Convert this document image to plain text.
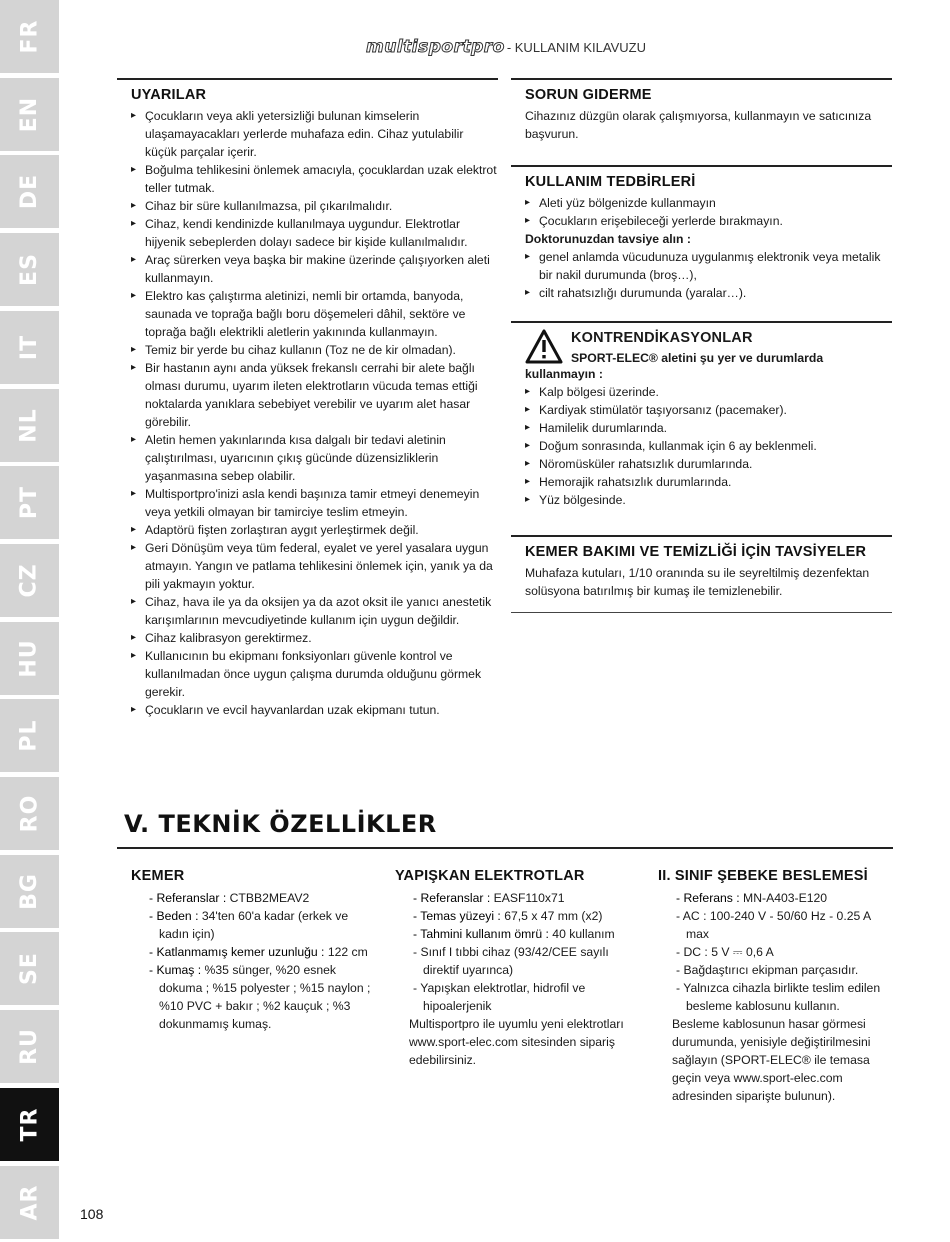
FR
EN
DE
ES
IT
NL
PT
CZ
HU
PL
RO
BG
SE
RU
TR
AR
multisportpro - KULLANIM KILAVUZU
UYARILAR
▸ Çocukların veya akli yetersizliği bulunan kimselerin ulaşamayacakları yerlerde muhafaza edin. Cihaz yutulabilir küçük parçalar içerir.
▸ Boğulma tehlikesini önlemek amacıyla, çocuklardan uzak elektrot teller tutmak.
▸ Cihaz bir süre kullanılmazsa, pil çıkarılmalıdır.
▸ Cihaz, kendi kendinizde kullanılmaya uygundur. Elektrotlar hijyenik sebeplerden dolayı sadece bir kişide kullanılmalıdır.
▸ Araç sürerken veya başka bir makine üzerinde çalışıyorken aleti kullanmayın.
▸ Elektro kas çalıştırma aletinizi, nemli bir ortamda, banyoda, saunada ve toprağa bağlı boru döşemeleri dâhil, sektöre ve toprağa bağlı elektrikli aletlerin yakınında kullanmayın.
▸ Temiz bir yerde bu cihaz kullanın (Toz ne de kir olmadan).
▸ Bir hastanın aynı anda yüksek frekanslı cerrahi bir alete bağlı olması durumu, uyarım ileten elektrotların vücuda temas ettiği noktalarda yanıklara sebebiyet verebilir ve uyarım alet hasar görebilir.
▸ Aletin hemen yakınlarında kısa dalgalı bir tedavi aletinin çalıştırılması, uyarıcının çıkış gücünde düzensizliklerin yaşanmasına sebep olabilir.
▸ Multisportpro'inizi asla kendi başınıza tamir etmeyi denemeyin veya yetkili olmayan bir tamirciye teslim etmeyin.
▸ Adaptörü fişten zorlaştıran aygıt yerleştirmek değil.
▸ Geri Dönüşüm veya tüm federal, eyalet ve yerel yasalara uygun atmayın. Yangın ve patlama tehlikesini önlemek için, yanık ya da pili yakmayın yoktur.
▸ Cihaz, hava ile ya da oksijen ya da azot oksit ile yanıcı anestetik karışımlarının mevcudiyetinde kullanım için uygun değildir.
▸ Cihaz kalibrasyon gerektirmez.
▸ Kullanıcının bu ekipmanı fonksiyonları güvenle kontrol ve kullanılmadan önce uygun çalışma durumda olduğunu görmek gerekir.
▸ Çocukların ve evcil hayvanlardan uzak ekipmanı tutun.
SORUN GIDERME

Cihazınız düzgün olarak çalışmıyorsa, kullanmayın ve satıcınıza başvurun.

KULLANIM TEDBİRLERİ
▸ Aleti yüz bölgenizde kullanmayın
▸ Çocukların erişebileceği yerlerde bırakmayın.
Doktorunuzdan tavsiye alın :
▸ genel anlamda vücudunuza uygulanmış elektronik veya metalik bir nakil durumunda (broş…),
▸ cilt rahatsızlığı durumunda (yaralar…).
KONTRENDİKASYONLAR
SPORT-ELEC® aletini şu yer ve durumlarda
kullanmayın :
▸ Kalp bölgesi üzerinde.
▸ Kardiyak stimülatör taşıyorsanız (pacemaker).
▸ Hamilelik durumlarında.
▸ Doğum sonrasında, kullanmak için 6 ay beklenmeli.
▸ Nöromüsküler rahatsızlık durumlarında.
▸ Hemorajik rahatsızlık durumlarında.
▸ Yüz bölgesinde.
KEMER BAKIMI VE TEMİZLİĞİ İÇİN TAVSİYELER

Muhafaza kutuları, 1/10 oranında su ile seyreltilmiş dezenfektan solüsyona batırılmış bir kumaş ile temizlenebilir.

V. TEKNİK ÖZELLİKLER
KEMER
- Referanslar : CTBB2MEAV2
- Beden : 34'ten 60'a kadar (erkek ve kadın için)
- Katlanmamış kemer uzunluğu : 122 cm
- Kumaş : %35 sünger, %20 esnek dokuma ; %15 polyester ; %15 naylon ; %10 PVC + bakır ; %2 kauçuk ; %3 dokunmamış kumaş.
YAPIŞKAN ELEKTROTLAR
- Referanslar : EASF110x71
- Temas yüzeyi : 67,5 x 47 mm (x2)
- Tahmini kullanım ömrü : 40 kullanım
- Sınıf I tıbbi cihaz (93/42/CEE sayılı direktif uyarınca)
- Yapışkan elektrotlar, hidrofil ve hipoalerjenik

Multisportpro ile uyumlu yeni elektrotları www.sport-elec.com sitesinden sipariş edebilirsiniz.

II. SINIF ŞEBEKE BESLEMESİ
- Referans : MN-A403-E120
- AC : 100-240 V - 50/60 Hz - 0.25 A max
- DC : 5 V ⎓ 0,6 A
- Bağdaştırıcı ekipman parçasıdır.
- Yalnızca cihazla birlikte teslim edilen besleme kablosunu kullanın.

Besleme kablosunun hasar görmesi durumunda, yenisiyle değiştirilmesini sağlayın (SPORT-ELEC® ile temasa geçin veya www.sport-elec.com adresinden siparişte bulunun).

108
